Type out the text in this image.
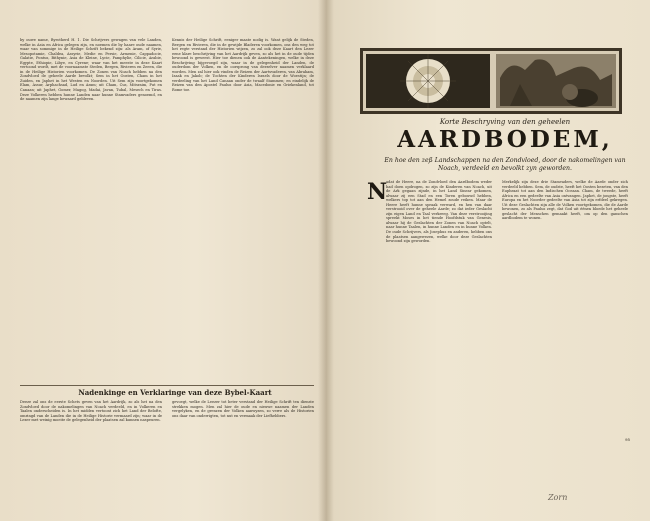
by ouwe name, Byrotherd H. 1. Die Schrijvers gewagen van vele Landen, welke in Asia en Africa gelegen zijn, en noemen die by haare oude naamen, waar van sommige in de Heilige Schrift bekend zijn: als Aram, of Syrie, Mesopotamie, Chaldea, Assyrie, Medie en Persie, Armenie, Cappadocie, Galatie, Pontus, Bithynie, Asia de Kleine, Lycie, Pamphylie, Cilicie, Arabie, Egypte, Ethiopie, Libye, en Cyrene; waar van het meeste in deze Kaart vertoond wordt, met de voornaamste Steden, Bergen, Rivieren en Zeeen, die in de Heilige Historien voorkomen. De Zonen van Noach hebben na den Zondvloed de geheele Aarde bevolkt; Sem in het Oosten, Cham in het Zuiden, en Japhet in het Westen en Noorden. Uit Sem zijn voortgekomen Elam, Assur, Arphachsad, Lud en Aram; uit Cham, Cus, Mitsraim, Put en Canaan; uit Japhet, Gomer, Magog, Madai, Javan, Tubal, Mesech en Tiras. Deze Volkeren hebben hunne Landen naar hunne Stamvaders genoemd, en de naamen zijn lange bewaard gebleven.

Kennis der Heilige Schrift, eeniger maate nodig is. Want gelijk de Steden, Bergen en Rivieren, die in de gewijde Bladeren voorkomen, ons den weg tot het regte verstand der Historien wijzen, zo zal ook deze Kaart den Lezer eene klare beschrijving van het Aardrijk geven, zo als het in de oude tijden bewoond is geweest. Hier toe dienen ook de Aantekeningen, welke in deze Beschrijving bijgevoegd zijn, waar in de gelegenheid der Landen, de ouderdom der Volken, en de oorsprong van derzelver naamen verklaard worden. Men zal hier ook vinden de Reizen der Aartsvaderen, van Abraham, Izaak en Jakob; de Tochten der Kinderen Israels door de Woestijn; de verdeeling van het Land Canaan onder de twaalf Stammen; en eindelijk de Reizen van den Apostel Paulus door Asia, Macedonie en Griekenland, tot Rome toe.

Nadenkinge en Verklaringe van deze Bybel-Kaart

Deeze zal ons de eerste Schets geven van het Aardrijk, zo als het na den Zondvloed door de nakomelingen van Noach verdeeld, en in Volkeren en Taalen onderscheiden is. In het midden vertoont zich het Land der Belofte, omringd van de Landen die in de Heilige Historie vermaard zijn; waar in de Lezer met weinig moeite de gelegenheid der plaatsen zal kunnen naspeuren.

gevoegt, welke de Leezer tot beter verstand der Heilige Schrift ten dienste strekken mogen. Men zal hier de oude en nieuwe naamen der Landen vergelyken, en de grenzen der Volken aanwyzen, zo verre als de Historien ons daar van onderrigten, tot nut en vermaak der Liefhebbers.

Korte Beschryving van den geheelen
AARDBODEM,
En hoe den zeß Landschappen na den Zondvloed, door de nakomelingen van Noach, verdeeld en bevolkt zyn geworden.
N

adat de Heere, na de Zondvloed den Aardbodem weder had doen opdrogen, zo zijn de Kinderen van Noach, uit de Ark gegaan zijnde, in het Land Sinear gekomen, alwaar zij een Stad en een Toren gebouwd hebben, welkers top tot aan den Hemel zoude reiken. Maar de Heere heeft hunne spraak verward, en hen van daar verstrooid over de geheele Aarde; zo dat ieder Geslacht zijn eigen Land en Taal verkreeg. Van deze verstrooijing spreekt Moses in het tiende Hoofdstuk van Genesis, alwaar hij de Geslachten der Zonen van Noach optelt, naar hunne Taalen, in hunne Landen en in hunne Volken. De oude Schrijvers, als Josephus en anderen, hebben ons de plaatsen aangewezen, welke door deze Geslachten bewoond zijn geworden.

Merkelijk zijn deze drie Stamvaders, welke de Aarde onder zich verdeeld hebben. Sem, de oudste, heeft het Oosten bezeten, van den Euphraat tot aan den Indischen Oceaan. Cham, de tweede, heeft Africa en een gedeelte van Asia ontvangen. Japhet, de jongste, heeft Europa en het Noorder gedeelte van Asia tot zijn erfdeel gekregen. Uit deze Geslachten zijn alle de Volken voortgekomen, die de Aarde bewonen, zo als Paulus zegt, dat God uit éénen bloede het geheele geslacht der Menschen gemaakt heeft, om op den ganschen aardbodem te wonen.

95
Zorn
